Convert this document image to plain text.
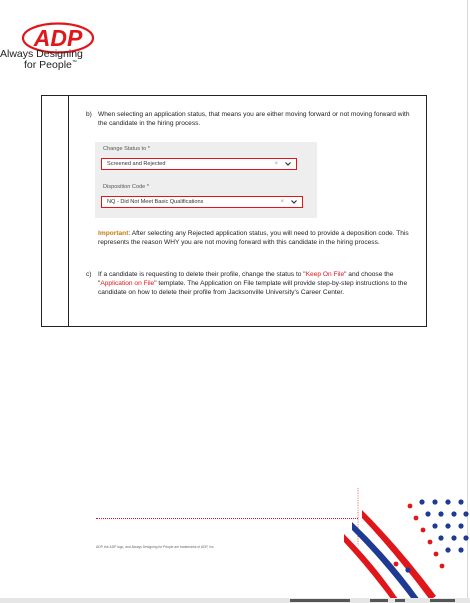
ADP
Always Designing
for People™
b) When selecting an application status, that means you are either moving forward or not moving forward with the candidate in the hiring process.
Change Status to *
Screened and Rejected	×
Disposition Code *
NQ - Did Not Meet Basic Qualifications	×
Important: After selecting any Rejected application status, you will need to provide a deposition code. This represents the reason WHY you are not moving forward with this candidate in the hiring process.
c) If a candidate is requesting to delete their profile, change the status to "Keep On File" and choose the "Application on File" template. The Application on File template will provide step-by-step instructions to the candidate on how to delete their profile from Jacksonville University's Career Center.
ADP, the ADP logo, and Always Designing for People are trademarks of ADP, Inc.
